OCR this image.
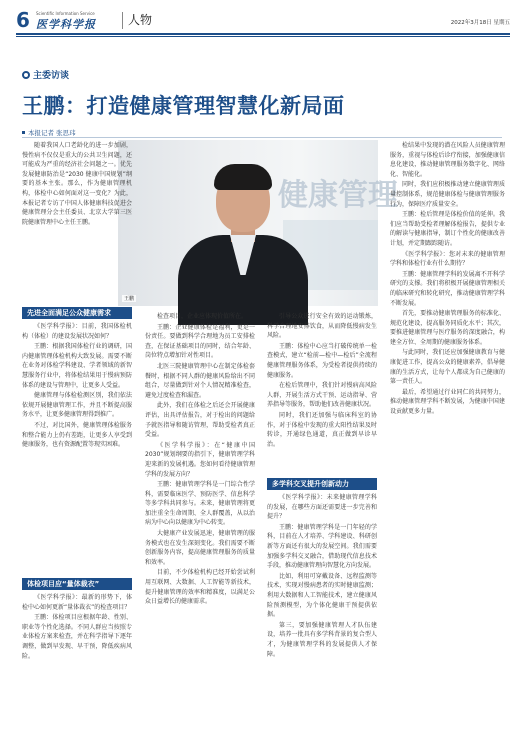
6 Scientific Information Service
医学科学报	人物	2022年3月18日 星期五
主委访谈
王鹏：打造健康管理智慧化新局面
本报记者 张思玮
健康管理
王鹏

随着我国人口老龄化的进一步加剧，慢性病不仅仅是重大的公共卫生问题，还可能成为严重的经济社会问题之一。优先发展健康防治是“2030 健康中国规划”纲要的基本主张。那么，作为健康管理机构，体检中心如何面对这一变化？为此，本报记者专访了中国人体健康科技促进会健康管理分会主任委员、北京大学第三医院健康管理中心主任王鹏。

先进全面满足公众健康需求

《医学科学报》：目前，我国体检机构（体检）的建设发展状况如何？

王鹏：根据我国体检行业的调研，国内健康管理体检机构大致发展。需要不断在业务对体检学科建设、学者领域的新智慧服务行业中，将体检结果用于慢病预防体系的建设与管理中，让更多人受益。

健康管理与体检检测区别，我们依法依规开展健康管理工作，并且不断提高服务水平，让更多健康管理得到推广。

不过，对比国外，健康管理体检服务和整合能力上仍有差距，让更多人享受到健康服务，也有资源配置等现实困难。

体检项目应“量体裁衣”

《医学科学报》：最新的形势下，体检中心如何更新“量体裁衣”的检查项目？

王鹏：体检项目应根据年龄、性别、职业等个性化选择。不同人群应当按照专业体检方案来检查，并在科学指导下逐年调整，做到早发现、早干预，降低疾病风险。

检查项目，企业应体现价值所在。

王鹏：企业健康体检是福利，更是一份责任。要做到科学合理地为员工安排检查，在保证基础项目的同时，结合年龄、岗位特点增加针对性项目。

北医三院健康管理中心在制定体检套餐时，根据不同人群的健康风险给出不同组合，尽量做到针对个人情况精准检查，避免过度检查和漏查。

此外，我们在体检之后还会开展健康评估，出具评估报告，对于检出的问题给予就医指导和随访管理，帮助受检者真正受益。

《医学科学报》：在“健康中国 2030”规划纲要的指引下，健康管理学科迎来新的发展机遇。您如何看待健康管理学科的发展方向？

王鹏：健康管理学科是一门综合性学科，需要临床医学、预防医学、信息科学等多学科共同参与。未来，健康管理将更加注重全生命周期、全人群覆盖，从以治病为中心向以健康为中心转变。

大健康产业发展迅速，健康管理的服务模式也在发生深刻变化。我们需要不断创新服务内容，提高健康管理服务的质量和效率。

目前，不少体检机构已经开始尝试利用互联网、大数据、人工智能等新技术，提升健康管理的效率和精准度，以满足公众日益增长的健康需求。

引导公众进行安全有效的运动锻炼，科学合理地安排饮食，从而降低慢病发生风险。

王鹏：体检中心应当打破传统单一检查模式，建立“检前—检中—检后”全流程健康管理服务体系，为受检者提供持续的健康服务。

在检后管理中，我们针对慢病高风险人群，开展生活方式干预、运动指导、营养指导等服务，帮助他们改善健康状况。

同时，我们还加强与临床科室的协作，对于体检中发现的重大阳性结果及时转诊，开通绿色通道，真正做到早诊早治。

多学科交叉提升创新动力

《医学科学报》：未来健康管理学科的发展，在哪些方面还需要进一步完善和提升？

王鹏：健康管理学科是一门年轻的学科，目前在人才培养、学科建设、科研创新等方面还有很大的发展空间。我们需要加强多学科交叉融合，借助现代信息技术手段，推动健康管理向智慧化方向发展。

比如，利用可穿戴设备、远程监测等技术，实现对慢病患者的实时健康监测；利用大数据和人工智能技术，建立健康风险预测模型，为个体化健康干预提供依据。

第三，要加强健康管理人才队伍建设，培养一批具有多学科背景的复合型人才，为健康管理学科的发展提供人才保障。

检结果中发现的潜在风险人员健康管理服务，重视与体检后诊疗衔接，加强健康信息化建设，推动健康管理服务数字化、网络化、智能化。

同时，我们应积极推动建立健康管理质量控制体系，规范健康体检与健康管理服务行为，保障医疗质量安全。

王鹏：检后管理是体检价值的延伸。我们应当帮助受检者理解体检报告，提供专业的解读与健康指导，制订个性化的健康改善计划，并定期跟踪随访。

《医学科学报》：您对未来的健康管理学科和体检行业有什么期待？

王鹏：健康管理学科的发展离不开科学研究的支撑。我们将积极开展健康管理相关的临床研究和转化研究，推动健康管理学科不断发展。

首先，要推动健康管理服务的标准化、规范化建设，提高服务同质化水平；其次，要推进健康管理与医疗服务的深度融合，构建全方位、全周期的健康服务体系。

与此同时，我们还应加强健康教育与健康促进工作，提高公众的健康素养，倡导健康的生活方式，让每个人都成为自己健康的第一责任人。

最后，希望通过行业同仁的共同努力，推动健康管理学科不断发展，为健康中国建设贡献更多力量。
